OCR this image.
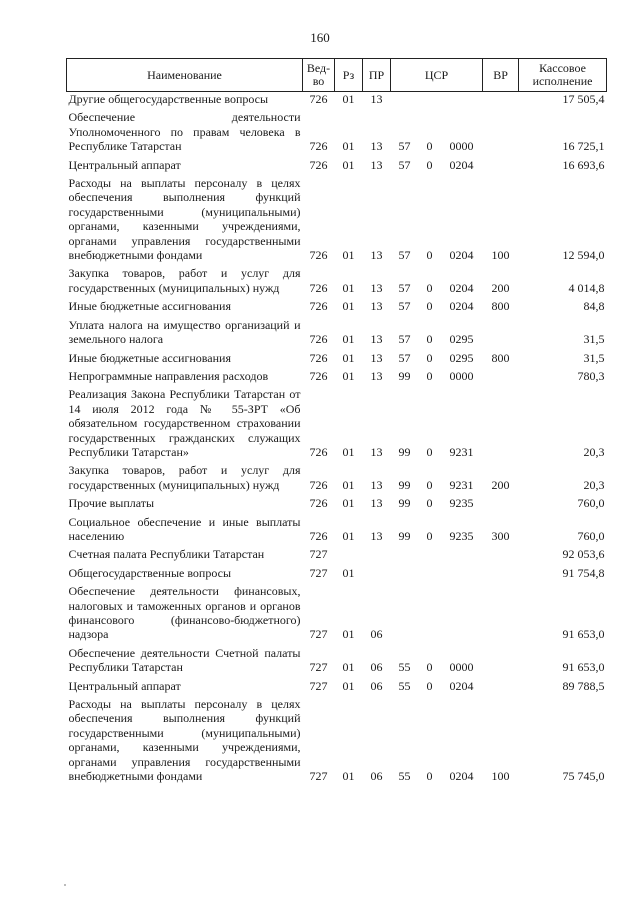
160
Наименование	Вед-во	Рз	ПР	ЦСР			ВР	Кассовое исполнение
Другие общегосударственные вопросы	726	01	13					17 505,4
Обеспечение деятельности Уполномоченного по правам человека в Республике Татарстан	726	01	13	57	0	0000		16 725,1
Центральный аппарат	726	01	13	57	0	0204		16 693,6
Расходы на выплаты персоналу в целях обеспечения выполнения функций государственными (муниципальными) органами, казенными учреждениями, органами управления государственными внебюджетными фондами	726	01	13	57	0	0204	100	12 594,0
Закупка товаров, работ и услуг для государственных (муниципальных) нужд	726	01	13	57	0	0204	200	4 014,8
Иные бюджетные ассигнования	726	01	13	57	0	0204	800	84,8
Уплата налога на имущество организаций и земельного налога	726	01	13	57	0	0295		31,5
Иные бюджетные ассигнования	726	01	13	57	0	0295	800	31,5
Непрограммные направления расходов	726	01	13	99	0	0000		780,3
Реализация Закона Республики Татарстан от 14 июля 2012 года № 55-ЗРТ «Об обязательном государственном страховании государственных гражданских служащих Республики Татарстан»	726	01	13	99	0	9231		20,3
Закупка товаров, работ и услуг для государственных (муниципальных) нужд	726	01	13	99	0	9231	200	20,3
Прочие выплаты	726	01	13	99	0	9235		760,0
Социальное обеспечение и иные выплаты населению	726	01	13	99	0	9235	300	760,0
Счетная палата Республики Татарстан	727							92 053,6
Общегосударственные вопросы	727	01						91 754,8
Обеспечение деятельности финансовых, налоговых и таможенных органов и органов финансового (финансово-бюджетного) надзора	727	01	06					91 653,0
Обеспечение деятельности Счетной палаты Республики Татарстан	727	01	06	55	0	0000		91 653,0
Центральный аппарат	727	01	06	55	0	0204		89 788,5
Расходы на выплаты персоналу в целях обеспечения выполнения функций государственными (муниципальными) органами, казенными учреждениями, органами управления государственными внебюджетными фондами	727	01	06	55	0	0204	100	75 745,0
